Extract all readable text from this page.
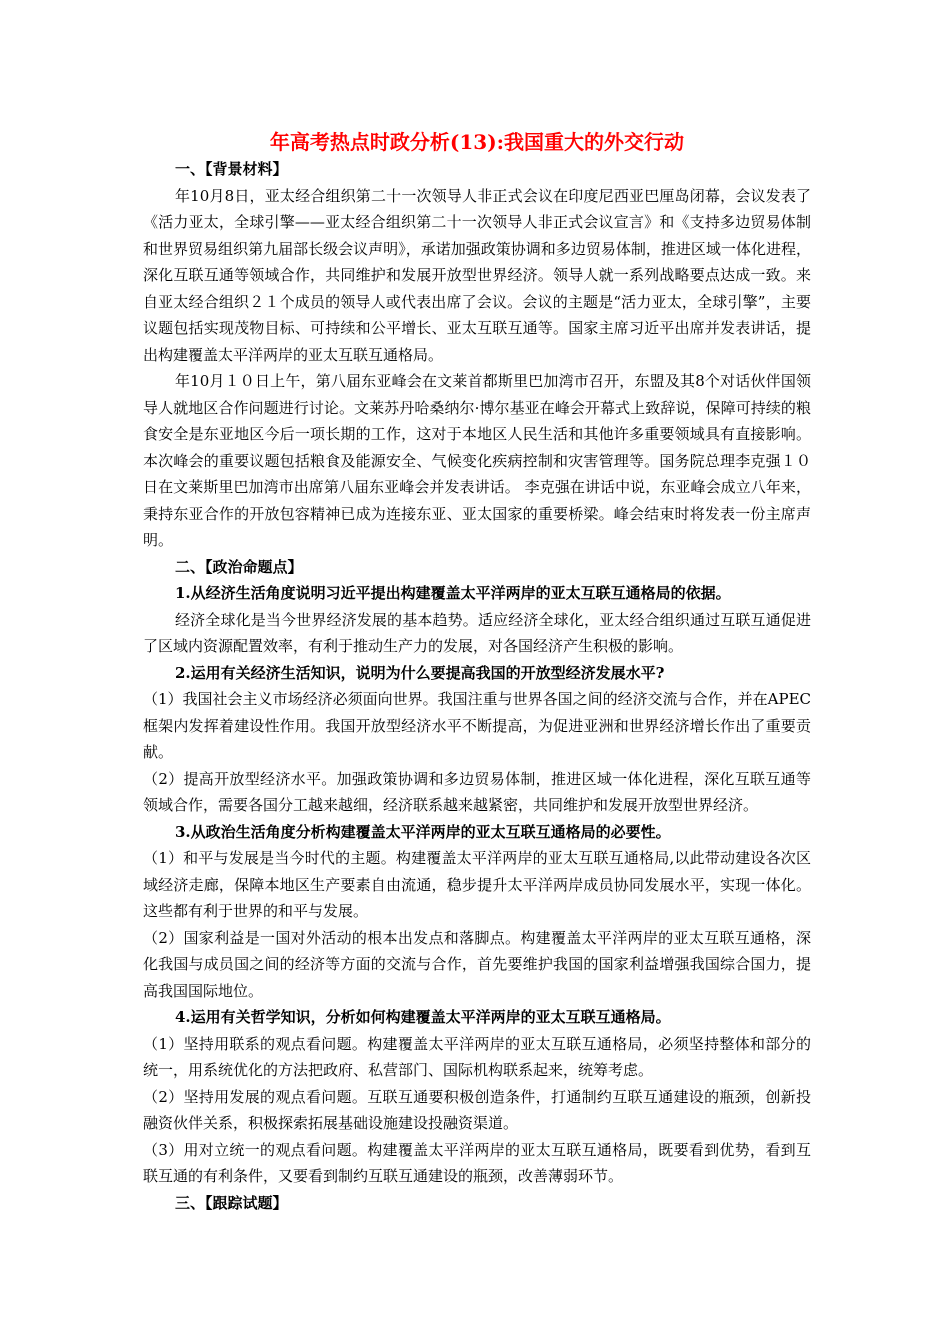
年高考热点时政分析(13):我国重大的外交行动
一、【背景材料】

年10月8日，亚太经合组织第二十一次领导人非正式会议在印度尼西亚巴厘岛闭幕，会议发表了《活力亚太，全球引擎——亚太经合组织第二十一次领导人非正式会议宣言》和《支持多边贸易体制和世界贸易组织第九届部长级会议声明》，承诺加强政策协调和多边贸易体制，推进区域一体化进程，深化互联互通等领域合作，共同维护和发展开放型世界经济。领导人就一系列战略要点达成一致。来自亚太经合组织２１个成员的领导人或代表出席了会议。会议的主题是“活力亚太，全球引擎”，主要议题包括实现茂物目标、可持续和公平增长、亚太互联互通等。国家主席习近平出席并发表讲话，提出构建覆盖太平洋两岸的亚太互联互通格局。

年10月１０日上午，第八届东亚峰会在文莱首都斯里巴加湾市召开，东盟及其8个对话伙伴国领导人就地区合作问题进行讨论。文莱苏丹哈桑纳尔·博尔基亚在峰会开幕式上致辞说，保障可持续的粮食安全是东亚地区今后一项长期的工作，这对于本地区人民生活和其他许多重要领域具有直接影响。本次峰会的重要议题包括粮食及能源安全、气候变化疾病控制和灾害管理等。国务院总理李克强１０日在文莱斯里巴加湾市出席第八届东亚峰会并发表讲话。 李克强在讲话中说，东亚峰会成立八年来，秉持东亚合作的开放包容精神已成为连接东亚、亚太国家的重要桥梁。峰会结束时将发表一份主席声明。

二、【政治命题点】
1.从经济生活角度说明习近平提出构建覆盖太平洋两岸的亚太互联互通格局的依据。

经济全球化是当今世界经济发展的基本趋势。适应经济全球化，亚太经合组织通过互联互通促进了区域内资源配置效率，有利于推动生产力的发展，对各国经济产生积极的影响。

2.运用有关经济生活知识，说明为什么要提高我国的开放型经济发展水平?

（1）我国社会主义市场经济必须面向世界。我国注重与世界各国之间的经济交流与合作，并在APEC框架内发挥着建设性作用。我国开放型经济水平不断提高，为促进亚洲和世界经济增长作出了重要贡献。

（2）提高开放型经济水平。加强政策协调和多边贸易体制，推进区域一体化进程，深化互联互通等领域合作，需要各国分工越来越细，经济联系越来越紧密，共同维护和发展开放型世界经济。

3.从政治生活角度分析构建覆盖太平洋两岸的亚太互联互通格局的必要性。

（1）和平与发展是当今时代的主题。构建覆盖太平洋两岸的亚太互联互通格局,以此带动建设各次区域经济走廊，保障本地区生产要素自由流通，稳步提升太平洋两岸成员协同发展水平，实现一体化。这些都有利于世界的和平与发展。

（2）国家利益是一国对外活动的根本出发点和落脚点。构建覆盖太平洋两岸的亚太互联互通格，深化我国与成员国之间的经济等方面的交流与合作，首先要维护我国的国家利益增强我国综合国力，提高我国国际地位。

4.运用有关哲学知识，分析如何构建覆盖太平洋两岸的亚太互联互通格局。

（1）坚持用联系的观点看问题。构建覆盖太平洋两岸的亚太互联互通格局，必须坚持整体和部分的统一，用系统优化的方法把政府、私营部门、国际机构联系起来，统筹考虑。

（2）坚持用发展的观点看问题。互联互通要积极创造条件，打通制约互联互通建设的瓶颈，创新投融资伙伴关系，积极探索拓展基础设施建设投融资渠道。

（3）用对立统一的观点看问题。构建覆盖太平洋两岸的亚太互联互通格局，既要看到优势，看到互联互通的有利条件，又要看到制约互联互通建设的瓶颈，改善薄弱环节。

三、【跟踪试题】
